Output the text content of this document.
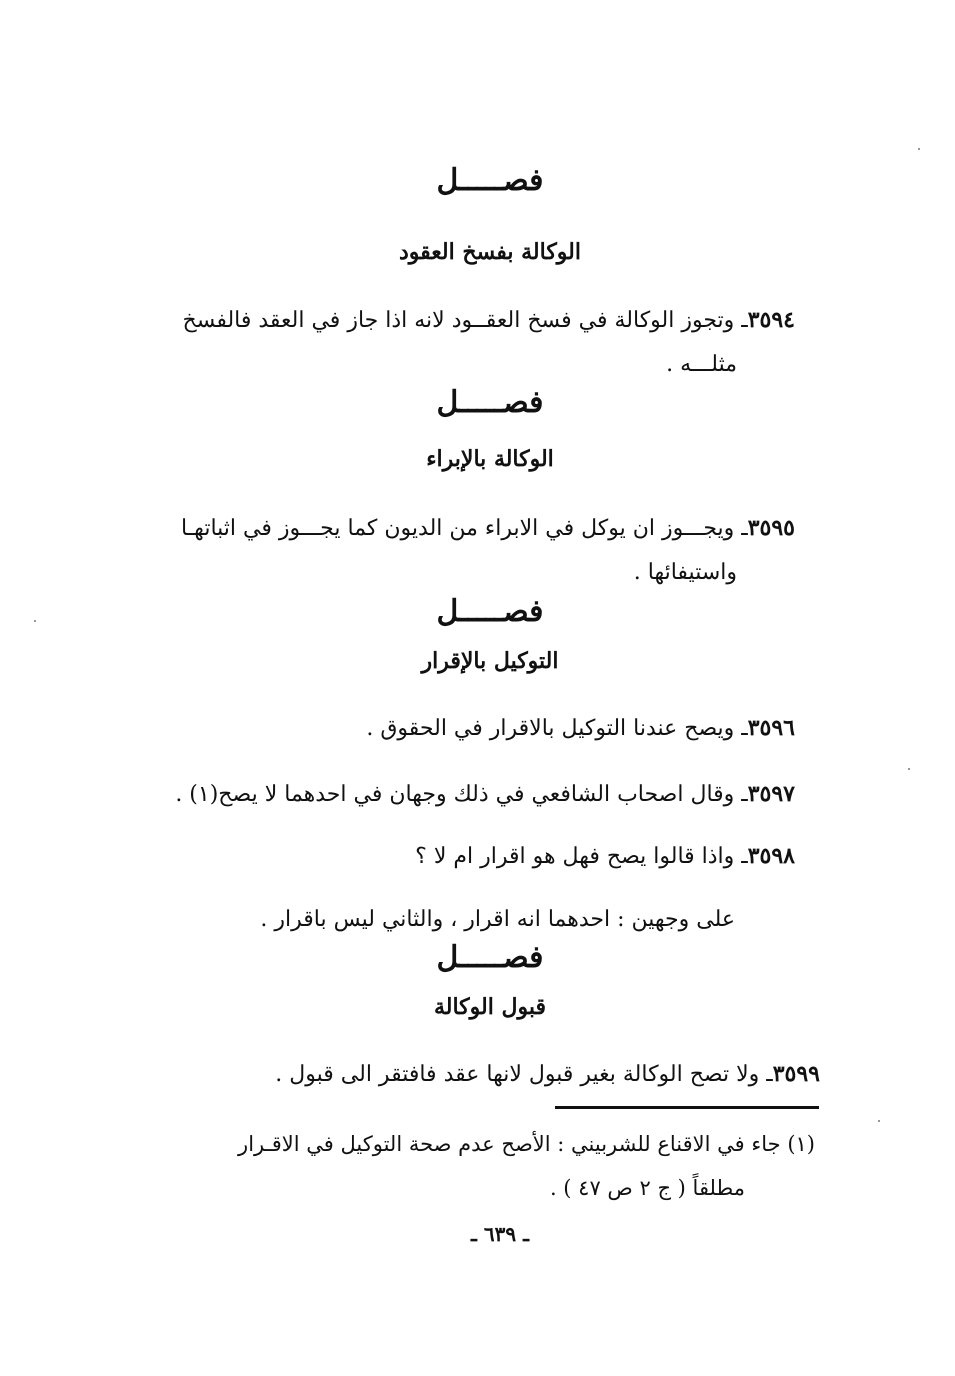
فصـــــل
الوكالة بفسخ العقود
٣٥٩٤ـ وتجوز الوكالة في فسخ العقــود لانه اذا جاز في العقد فالفسخ
مثلـــه .
فصـــــل
الوكالة بالإبراء
٣٥٩٥ـ ويجـــوز ان يوكل في الابراء من الديون كما يجـــوز في اثباتهـا
واستيفائها .
فصـــــل
التوكيل بالإقرار
٣٥٩٦ـ ويصح عندنا التوكيل بالاقرار في الحقوق .
٣٥٩٧ـ وقال اصحاب الشافعي في ذلك وجهان في احدهما لا يصح(١) .
٣٥٩٨ـ واذا قالوا يصح فهل هو اقرار ام لا ؟
على وجهين : احدهما انه اقرار ، والثاني ليس باقرار .
فصـــــل
قبول الوكالة
٣٥٩٩ـ ولا تصح الوكالة بغير قبول لانها عقد فافتقر الى قبول .
(١) جاء في الاقناع للشربيني : الأصح عدم صحة التوكيل في الاقـرار
مطلقاً ( ج ٢ ص ٤٧ ) .
ـ ٦٣٩ ـ
